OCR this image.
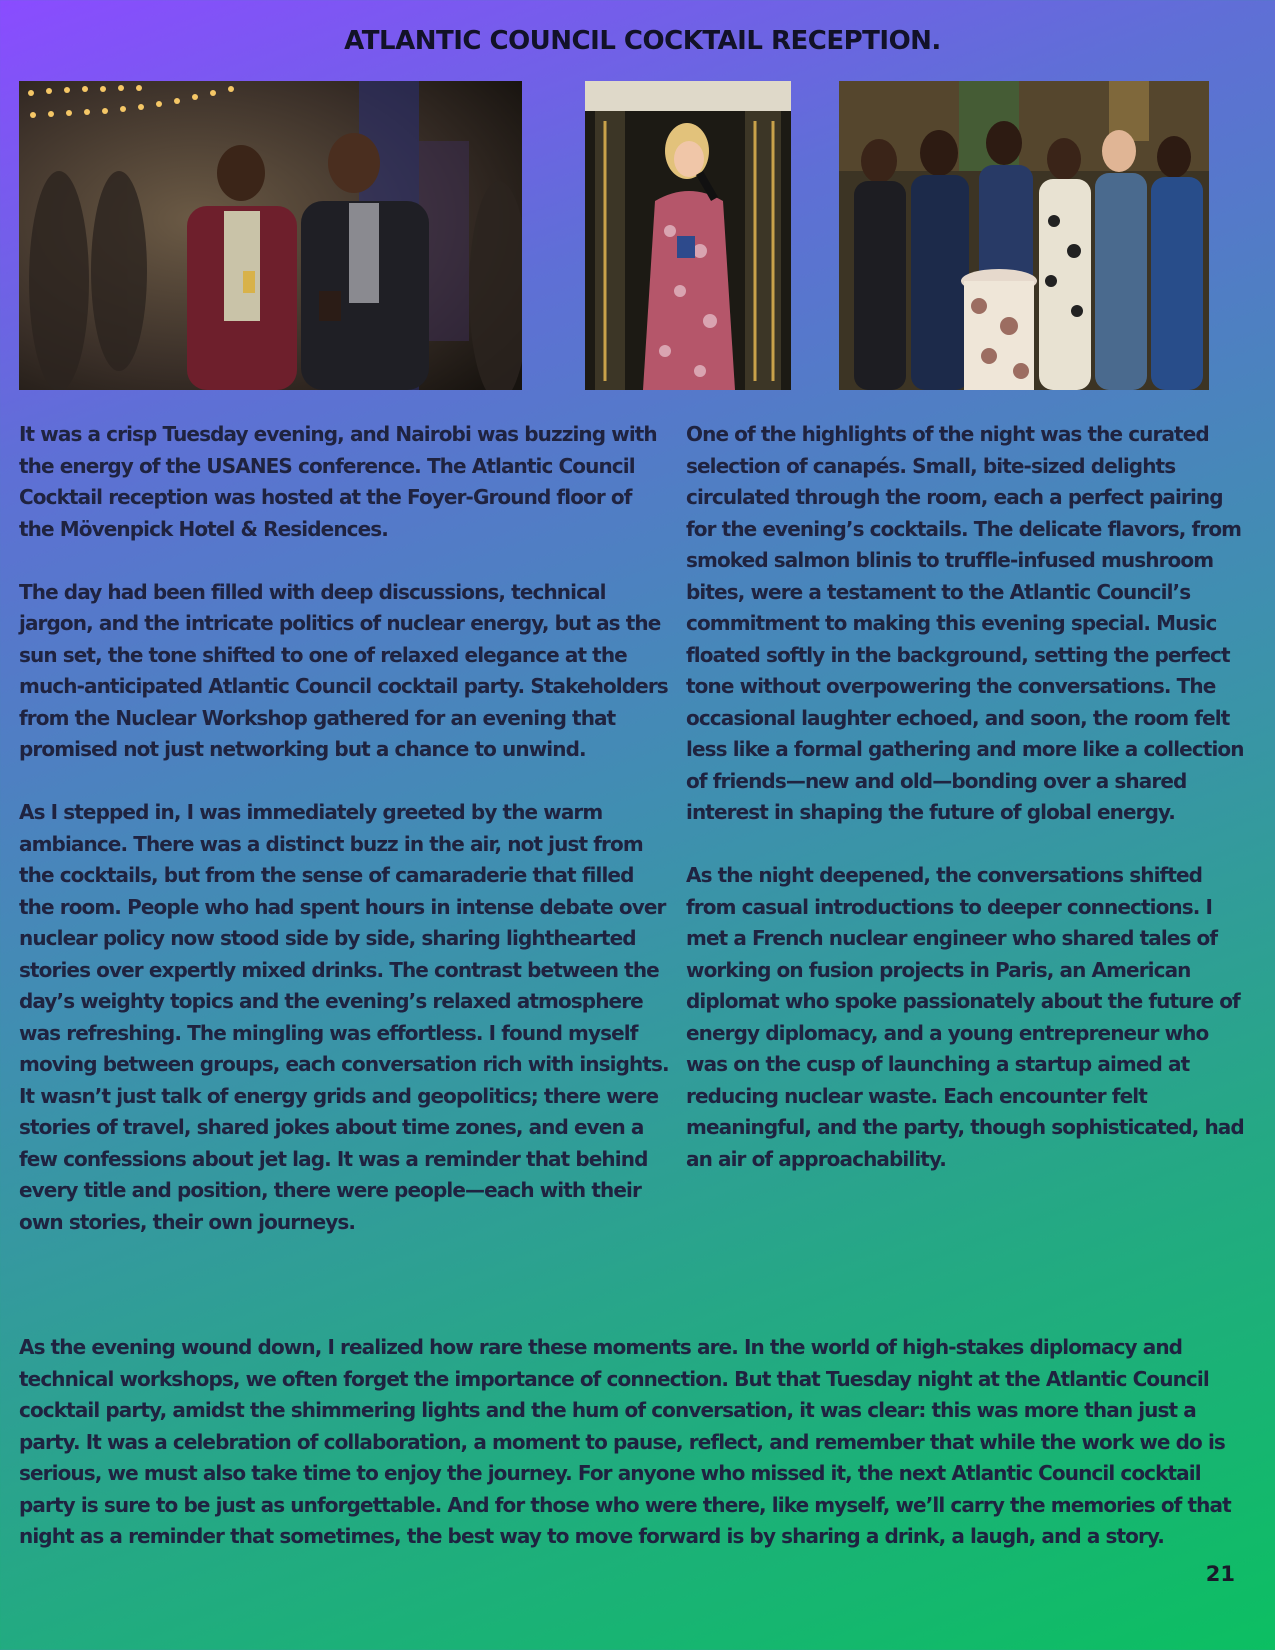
ATLANTIC COUNCIL COCKTAIL RECEPTION.

It was a crisp Tuesday evening, and Nairobi was buzzing with the energy of the USANES conference. The Atlantic Council Cocktail reception was hosted at the Foyer-Ground floor of the Mövenpick Hotel & Residences.

The day had been filled with deep discussions, technical jargon, and the intricate politics of nuclear energy, but as the sun set, the tone shifted to one of relaxed elegance at the much-anticipated Atlantic Council cocktail party. Stakeholders from the Nuclear Workshop gathered for an evening that promised not just networking but a chance to unwind.

As I stepped in, I was immediately greeted by the warm ambiance. There was a distinct buzz in the air, not just from the cocktails, but from the sense of camaraderie that filled the room. People who had spent hours in intense debate over nuclear policy now stood side by side, sharing lighthearted stories over expertly mixed drinks. The contrast between the day’s weighty topics and the evening’s relaxed atmosphere was refreshing. The mingling was effortless. I found myself moving between groups, each conversation rich with insights. It wasn’t just talk of energy grids and geopolitics; there were stories of travel, shared jokes about time zones, and even a few confessions about jet lag. It was a reminder that behind every title and position, there were people—each with their own stories, their own journeys.

One of the highlights of the night was the curated selection of canapés. Small, bite-sized delights circulated through the room, each a perfect pairing for the evening’s cocktails. The delicate flavors, from smoked salmon blinis to truffle-infused mushroom bites, were a testament to the Atlantic Council’s commitment to making this evening special. Music floated softly in the background, setting the perfect tone without overpowering the conversations. The occasional laughter echoed, and soon, the room felt less like a formal gathering and more like a collection of friends—new and old—bonding over a shared interest in shaping the future of global energy.

As the night deepened, the conversations shifted from casual introductions to deeper connections. I met a French nuclear engineer who shared tales of working on fusion projects in Paris, an American diplomat who spoke passionately about the future of energy diplomacy, and a young entrepreneur who was on the cusp of launching a startup aimed at reducing nuclear waste. Each encounter felt meaningful, and the party, though sophisticated, had an air of approachability.

As the evening wound down, I realized how rare these moments are. In the world of high-stakes diplomacy and technical workshops, we often forget the importance of connection. But that Tuesday night at the Atlantic Council cocktail party, amidst the shimmering lights and the hum of conversation, it was clear: this was more than just a party. It was a celebration of collaboration, a moment to pause, reflect, and remember that while the work we do is serious, we must also take time to enjoy the journey. For anyone who missed it, the next Atlantic Council cocktail party is sure to be just as unforgettable. And for those who were there, like myself, we’ll carry the memories of that night as a reminder that sometimes, the best way to move forward is by sharing a drink, a laugh, and a story.

21
